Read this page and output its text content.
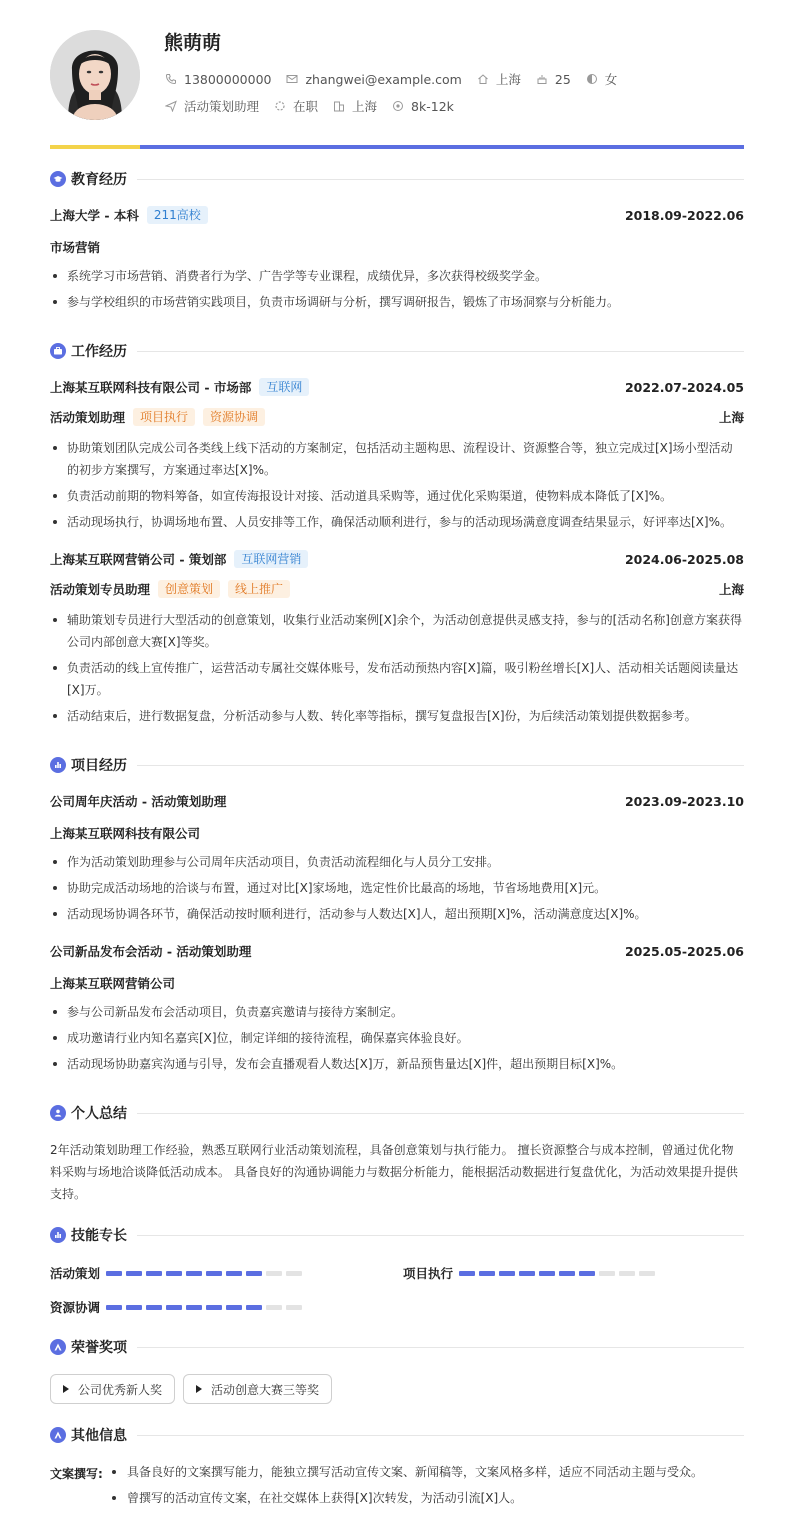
熊萌萌
13800000000	zhangwei@example.com	上海	25	女
活动策划助理	在职	上海	8k-12k
教育经历
上海大学 - 本科	211高校	2018.09-2022.06
市场营销
系统学习市场营销、消费者行为学、广告学等专业课程，成绩优异，多次获得校级奖学金。
参与学校组织的市场营销实践项目，负责市场调研与分析，撰写调研报告，锻炼了市场洞察与分析能力。
工作经历
上海某互联网科技有限公司 - 市场部	互联网	2022.07-2024.05
活动策划助理	项目执行	资源协调	上海
协助策划团队完成公司各类线上线下活动的方案制定，包括活动主题构思、流程设计、资源整合等，独立完成过[X]场小型活动的初步方案撰写，方案通过率达[X]%。
负责活动前期的物料筹备，如宣传海报设计对接、活动道具采购等，通过优化采购渠道，使物料成本降低了[X]%。
活动现场执行，协调场地布置、人员安排等工作，确保活动顺利进行，参与的活动现场满意度调查结果显示，好评率达[X]%。
上海某互联网营销公司 - 策划部	互联网营销	2024.06-2025.08
活动策划专员助理	创意策划	线上推广	上海
辅助策划专员进行大型活动的创意策划，收集行业活动案例[X]余个，为活动创意提供灵感支持，参与的[活动名称]创意方案获得公司内部创意大赛[X]等奖。
负责活动的线上宣传推广，运营活动专属社交媒体账号，发布活动预热内容[X]篇，吸引粉丝增长[X]人、活动相关话题阅读量达[X]万。
活动结束后，进行数据复盘，分析活动参与人数、转化率等指标，撰写复盘报告[X]份，为后续活动策划提供数据参考。
项目经历
公司周年庆活动 - 活动策划助理	2023.09-2023.10
上海某互联网科技有限公司
作为活动策划助理参与公司周年庆活动项目，负责活动流程细化与人员分工安排。
协助完成活动场地的洽谈与布置，通过对比[X]家场地，选定性价比最高的场地，节省场地费用[X]元。
活动现场协调各环节，确保活动按时顺利进行，活动参与人数达[X]人，超出预期[X]%，活动满意度达[X]%。
公司新品发布会活动 - 活动策划助理	2025.05-2025.06
上海某互联网营销公司
参与公司新品发布会活动项目，负责嘉宾邀请与接待方案制定。
成功邀请行业内知名嘉宾[X]位，制定详细的接待流程，确保嘉宾体验良好。
活动现场协助嘉宾沟通与引导，发布会直播观看人数达[X]万，新品预售量达[X]件，超出预期目标[X]%。
个人总结
2年活动策划助理工作经验，熟悉互联网行业活动策划流程，具备创意策划与执行能力。 擅长资源整合与成本控制，曾通过优化物料采购与场地洽谈降低活动成本。 具备良好的沟通协调能力与数据分析能力，能根据活动数据进行复盘优化，为活动效果提升提供支持。
技能专长
活动策划	项目执行
资源协调
荣誉奖项
公司优秀新人奖	活动创意大赛三等奖
其他信息
文案撰写:	具备良好的文案撰写能力，能独立撰写活动宣传文案、新闻稿等，文案风格多样，适应不同活动主题与受众。
曾撰写的活动宣传文案，在社交媒体上获得[X]次转发，为活动引流[X]人。
